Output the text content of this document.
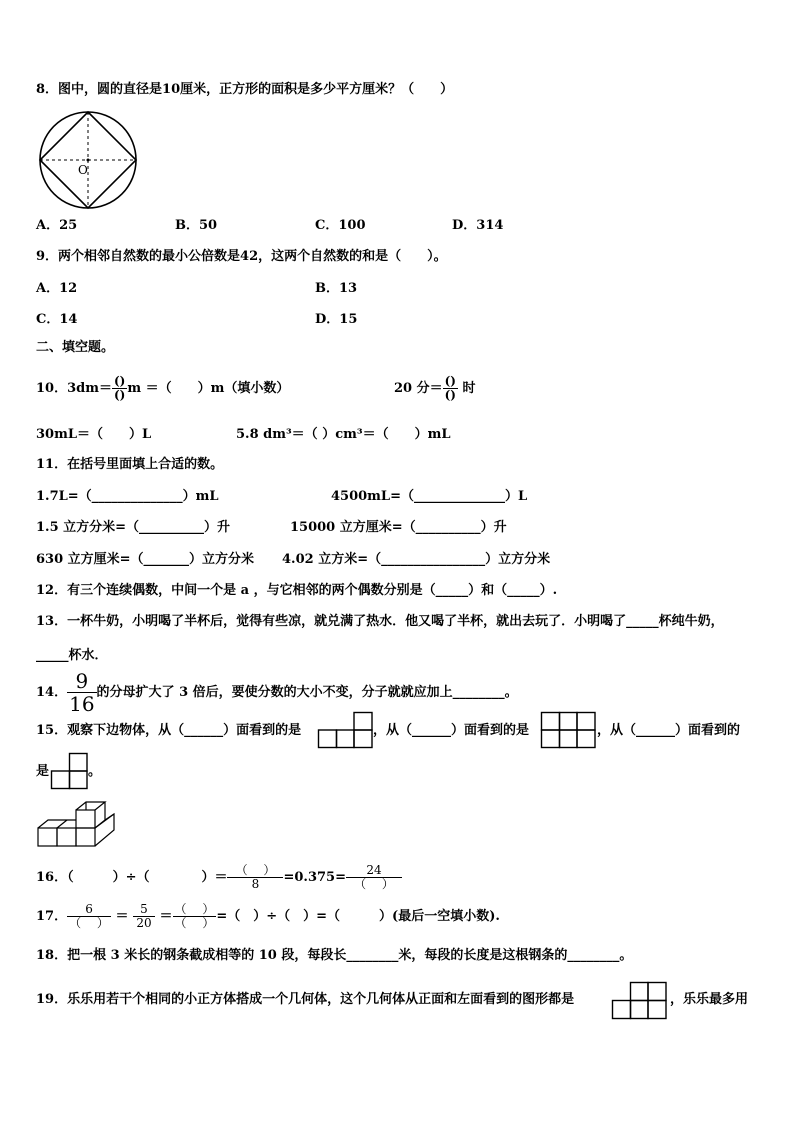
8．图中，圆的直径是10厘米，正方形的面积是多少平方厘米？（　　）
O
A．25	B．50	C．100	D．314
9．两个相邻自然数的最小公倍数是42，这两个自然数的和是（　　）。
A．12	B．13
C．14	D．15
二、填空题。
10．$3dm= \frac{()}{()}$ m ＝（　　）m（填小数）	20 分＝ $\frac{()}{()}$ 时
30mL＝（　　）L	5.8 dm³＝（ ）cm³＝（　　）mL
11．在括号里面填上合适的数。
1.7L=（______________）mL	4500mL=（______________）L
1.5 立方分米=（__________）升	15000 立方厘米=（__________）升
630 立方厘米=（_______）立方分米 4.02 立方米=（________________）立方分米
12．有三个连续偶数，中间一个是 a ，与它相邻的两个偶数分别是（_____）和（_____）.
13．一杯牛奶，小明喝了半杯后，觉得有些凉，就兑满了热水．他又喝了半杯，就出去玩了．小明喝了_____杯纯牛奶，
_____杯水．
14． $\frac{9}{16}$ 的分母扩大了 3 倍后，要使分数的大小不变，分子就就应加上________。
15．观察下边物体，从（______）面看到的是	，从（______）面看到的是	，从（______）面看到的
是	。
16．（　　　）÷（　　　　）＝ $\frac{( )}{8} =0.375= \frac{24}{( )}$
17． $\frac{6}{( )} = \frac{5}{20} = \frac{( )}{( )}$ =（　）÷（　）=（　　　）(最后一空填小数).
18．把一根 3 米长的钢条截成相等的 10 段，每段长________米，每段的长度是这根钢条的________。
19．乐乐用若干个相同的小正方体搭成一个几何体，这个几何体从正面和左面看到的图形都是	，乐乐最多用
